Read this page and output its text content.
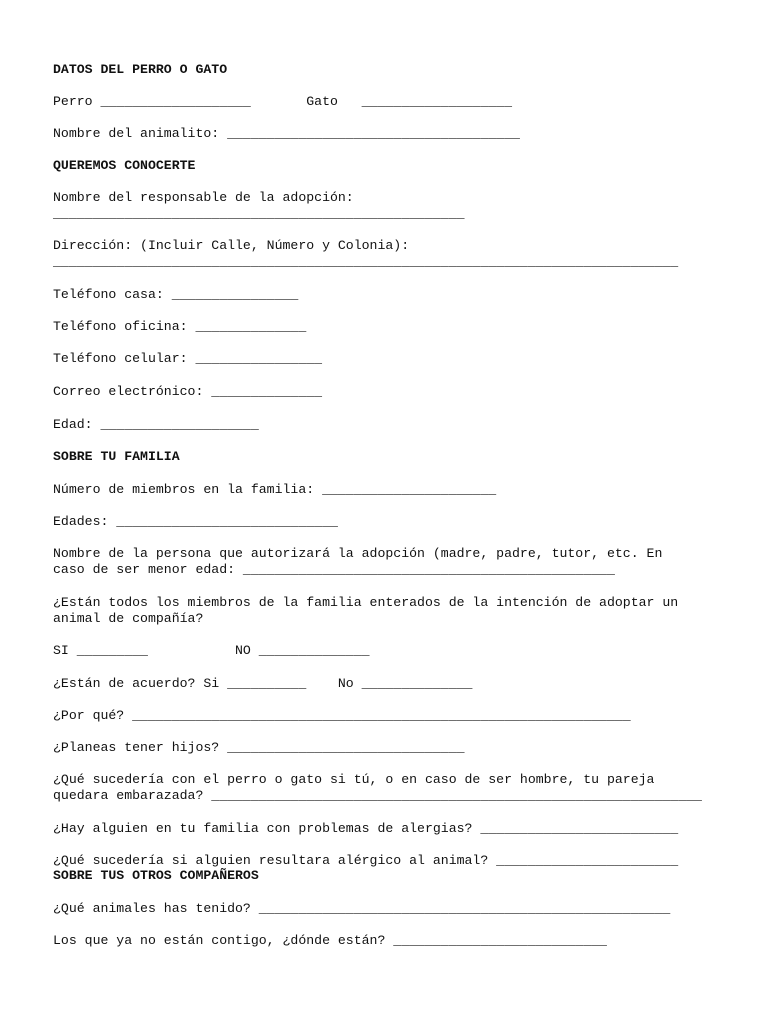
DATOS DEL PERRO O GATO

Perro ___________________       Gato   ___________________

Nombre del animalito: _____________________________________

QUEREMOS CONOCERTE

Nombre del responsable de la adopción:

____________________________________________________

Dirección: (Incluir Calle, Número y Colonia):

_______________________________________________________________________________

Teléfono casa: ________________

Teléfono oficina: ______________

Teléfono celular: ________________

Correo electrónico: ______________

Edad: ____________________

SOBRE TU FAMILIA

Número de miembros en la familia: ______________________

Edades: ____________________________

Nombre de la persona que autorizará la adopción (madre, padre, tutor, etc. En

caso de ser menor edad: _______________________________________________

¿Están todos los miembros de la familia enterados de la intención de adoptar un

animal de compañía?

SI _________           NO ______________

¿Están de acuerdo? Si __________    No ______________

¿Por qué? _______________________________________________________________

¿Planeas tener hijos? ______________________________

¿Qué sucedería con el perro o gato si tú, o en caso de ser hombre, tu pareja

quedara embarazada? ______________________________________________________________

¿Hay alguien en tu familia con problemas de alergias? _________________________

¿Qué sucedería si alguien resultara alérgico al animal? _______________________

SOBRE TUS OTROS COMPAÑEROS

¿Qué animales has tenido? ____________________________________________________

Los que ya no están contigo, ¿dónde están? ___________________________
